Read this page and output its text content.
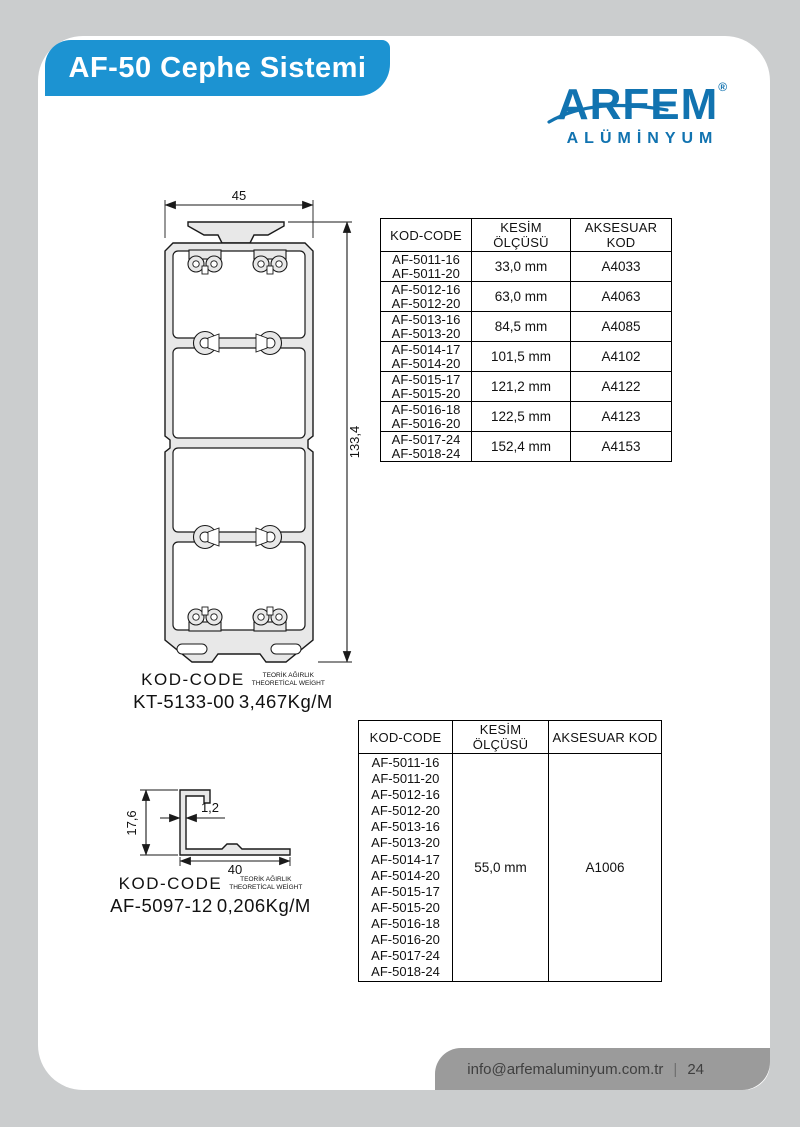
AF-50 Cephe Sistemi
ARFEM®
ALÜMİNYUM
45
133,4
KOD-CODE	TEORİK AĞIRLIK
THEORETİCAL WEİGHT
KT-5133-00 3,467Kg/M
KOD-CODE	KESİM ÖLÇÜSÜ	AKSESUAR KOD

AF-5011-16
AF-5011-20	33,0 mm	A4033

AF-5012-16
AF-5012-20	63,0 mm	A4063

AF-5013-16
AF-5013-20	84,5 mm	A4085

AF-5014-17
AF-5014-20	101,5 mm	A4102

AF-5015-17
AF-5015-20	121,2 mm	A4122

AF-5016-18
AF-5016-20	122,5 mm	A4123

AF-5017-24
AF-5018-24	152,4 mm	A4153
17,6
1,2
40
KOD-CODE	TEORİK AĞIRLIK
THEORETİCAL WEİGHT
AF-5097-12 0,206Kg/M
KOD-CODE	KESİM ÖLÇÜSÜ	AKSESUAR KOD

AF-5011-16
AF-5011-20
AF-5012-16
AF-5012-20
AF-5013-16
AF-5013-20
AF-5014-17
AF-5014-20
AF-5015-17
AF-5015-20
AF-5016-18
AF-5016-20
AF-5017-24
AF-5018-24
	55,0 mm	A1006
info@arfemaluminyum.com.tr | 24
